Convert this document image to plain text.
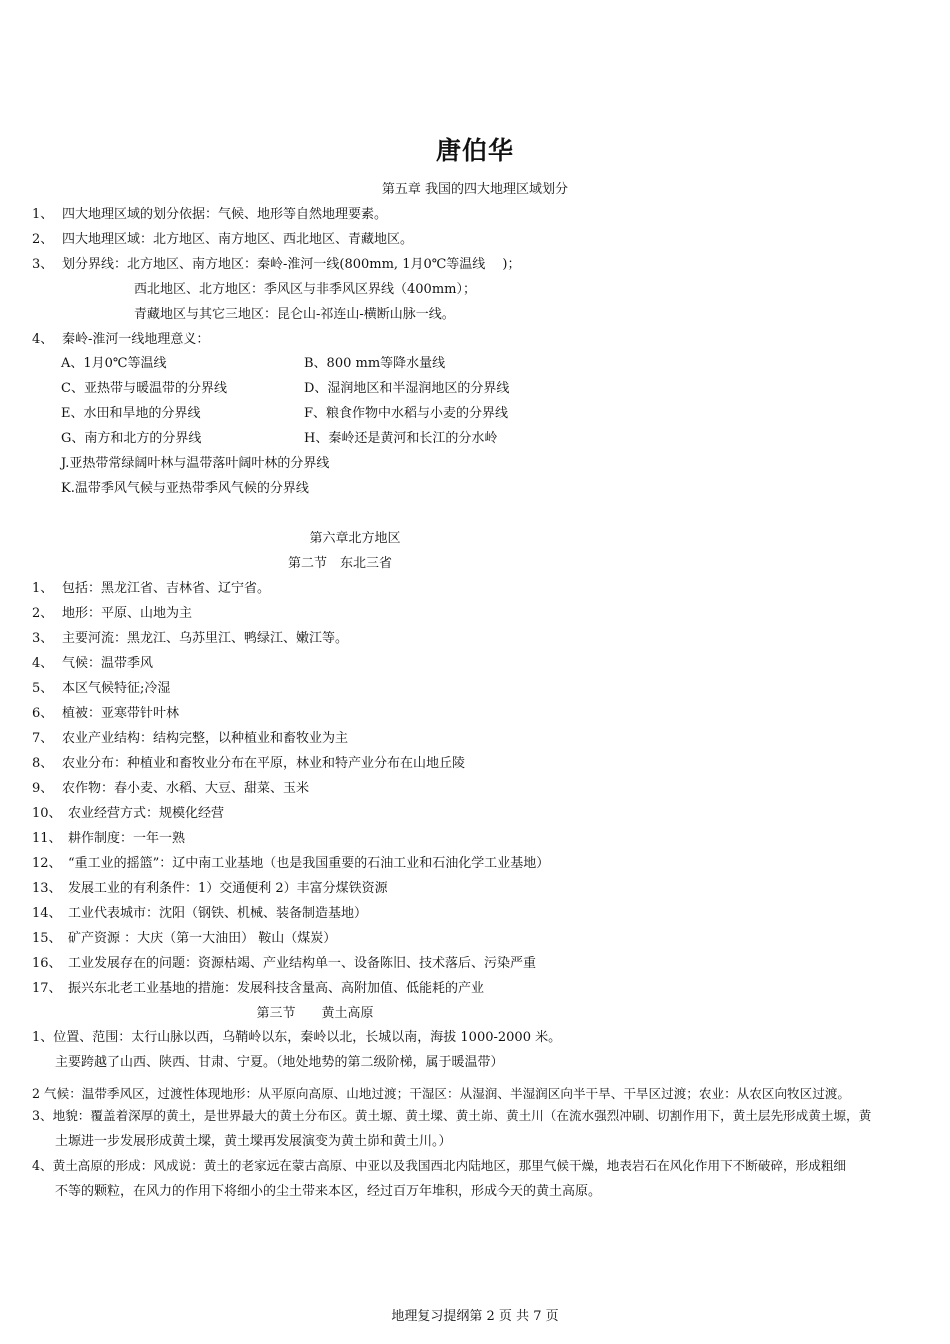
唐伯华
第五章 我国的四大地理区域划分
1、 四大地理区域的划分依据：气候、地形等自然地理要素。
2、 四大地理区域：北方地区、南方地区、西北地区、青藏地区。
3、 划分界线：北方地区、南方地区：秦岭-淮河一线(800mm, 1月0℃等温线　 )；
西北地区、北方地区：季风区与非季风区界线（400mm）；
青藏地区与其它三地区：昆仑山-祁连山-横断山脉一线。
4、 秦岭-淮河一线地理意义：
A、1月0℃等温线	B、800 mm等降水量线
C、亚热带与暖温带的分界线	D、湿润地区和半湿润地区的分界线
E、水田和旱地的分界线	F、粮食作物中水稻与小麦的分界线
G、南方和北方的分界线	H、秦岭还是黄河和长江的分水岭
J.亚热带常绿阔叶林与温带落叶阔叶林的分界线
K.温带季风气候与亚热带季风气候的分界线
第六章北方地区
第二节　东北三省
1、 包括：黑龙江省、吉林省、辽宁省。
2、 地形：平原、山地为主
3、 主要河流：黑龙江、乌苏里江、鸭绿江、嫩江等。
4、 气候：温带季风
5、 本区气候特征;冷湿
6、 植被：亚寒带针叶林
7、 农业产业结构：结构完整，以种植业和畜牧业为主
8、 农业分布：种植业和畜牧业分布在平原，林业和特产业分布在山地丘陵
9、 农作物：春小麦、水稻、大豆、甜菜、玉米
10、 农业经营方式：规模化经营
11、 耕作制度：一年一熟
12、 “重工业的摇篮”：辽中南工业基地（也是我国重要的石油工业和石油化学工业基地）
13、 发展工业的有利条件：1）交通便利 2）丰富分煤铁资源
14、 工业代表城市：沈阳（钢铁、机械、装备制造基地）
15、 矿产资源 ：大庆（第一大油田） 鞍山（煤炭）
16、 工业发展存在的问题：资源枯竭、产业结构单一、设备陈旧、技术落后、污染严重
17、 振兴东北老工业基地的措施：发展科技含量高、高附加值、低能耗的产业
第三节　　黄土高原
1、位置、范围：太行山脉以西，乌鞘岭以东，秦岭以北，长城以南，海拔 1000-2000 米。
主要跨越了山西、陕西、甘肃、宁夏。（地处地势的第二级阶梯，属于暖温带）
2 气候：温带季风区，过渡性体现地形：从平原向高原、山地过渡；干湿区：从湿润、半湿润区向半干旱、干旱区过渡；农业：从农区向牧区过渡。
3、地貌：覆盖着深厚的黄土，是世界最大的黄土分布区。黄土塬、黄土墚、黄土峁、黄土川（在流水强烈冲刷、切割作用下，黄土层先形成黄土塬，黄
土塬进一步发展形成黄土墚，黄土墚再发展演变为黄土峁和黄土川。）
4、黄土高原的形成：风成说：黄土的老家远在蒙古高原、中亚以及我国西北内陆地区，那里气候干燥，地表岩石在风化作用下不断破碎，形成粗细
不等的颗粒，在风力的作用下将细小的尘土带来本区，经过百万年堆积，形成今天的黄土高原。
地理复习提纲第 2 页 共 7 页
